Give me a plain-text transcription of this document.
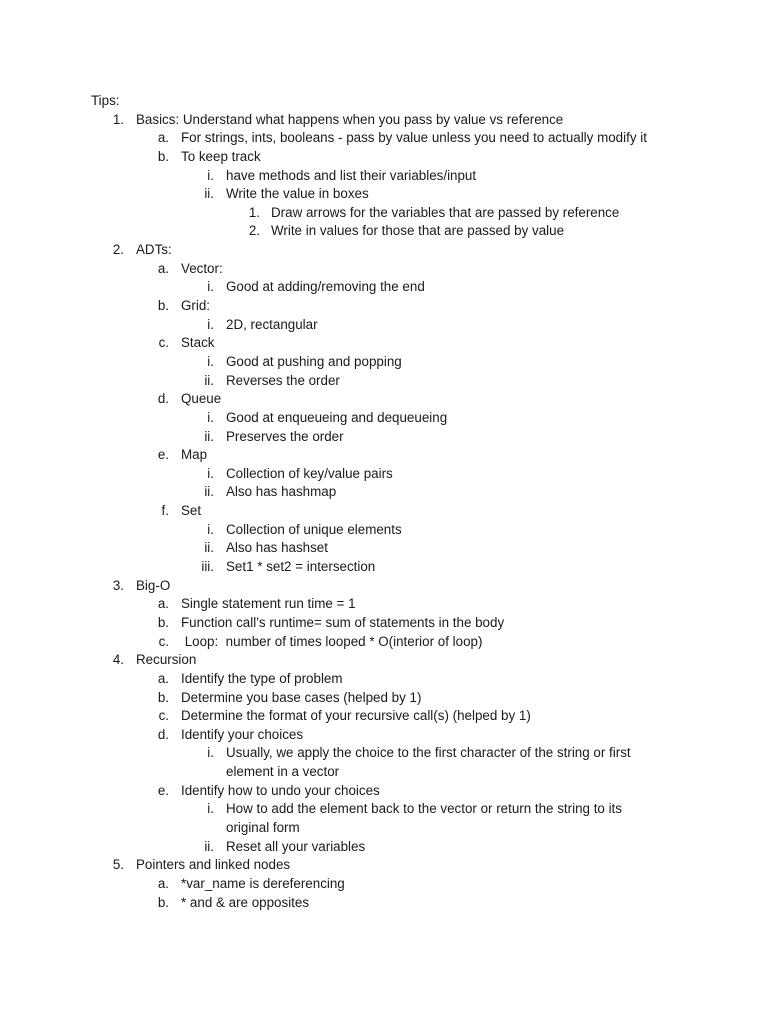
Tips:
1. Basics: Understand what happens when you pass by value vs reference
a. For strings, ints, booleans - pass by value unless you need to actually modify it
b. To keep track
i. have methods and list their variables/input
ii. Write the value in boxes
1. Draw arrows for the variables that are passed by reference
2. Write in values for those that are passed by value
2. ADTs:
a. Vector:
i. Good at adding/removing the end
b. Grid:
i. 2D, rectangular
c. Stack
i. Good at pushing and popping
ii. Reverses the order
d. Queue
i. Good at enqueueing and dequeueing
ii. Preserves the order
e. Map
i. Collection of key/value pairs
ii. Also has hashmap
f. Set
i. Collection of unique elements
ii. Also has hashset
iii. Set1 * set2 = intersection
3. Big-O
a. Single statement run time = 1
b. Function call’s runtime= sum of statements in the body
c. Loop:  number of times looped * O(interior of loop)
4. Recursion
a. Identify the type of problem
b. Determine you base cases (helped by 1)
c. Determine the format of your recursive call(s) (helped by 1)
d. Identify your choices
i. Usually, we apply the choice to the first character of the string or first
element in a vector
e. Identify how to undo your choices
i. How to add the element back to the vector or return the string to its
original form
ii. Reset all your variables
5. Pointers and linked nodes
a. *var_name is dereferencing
b. * and & are opposites
